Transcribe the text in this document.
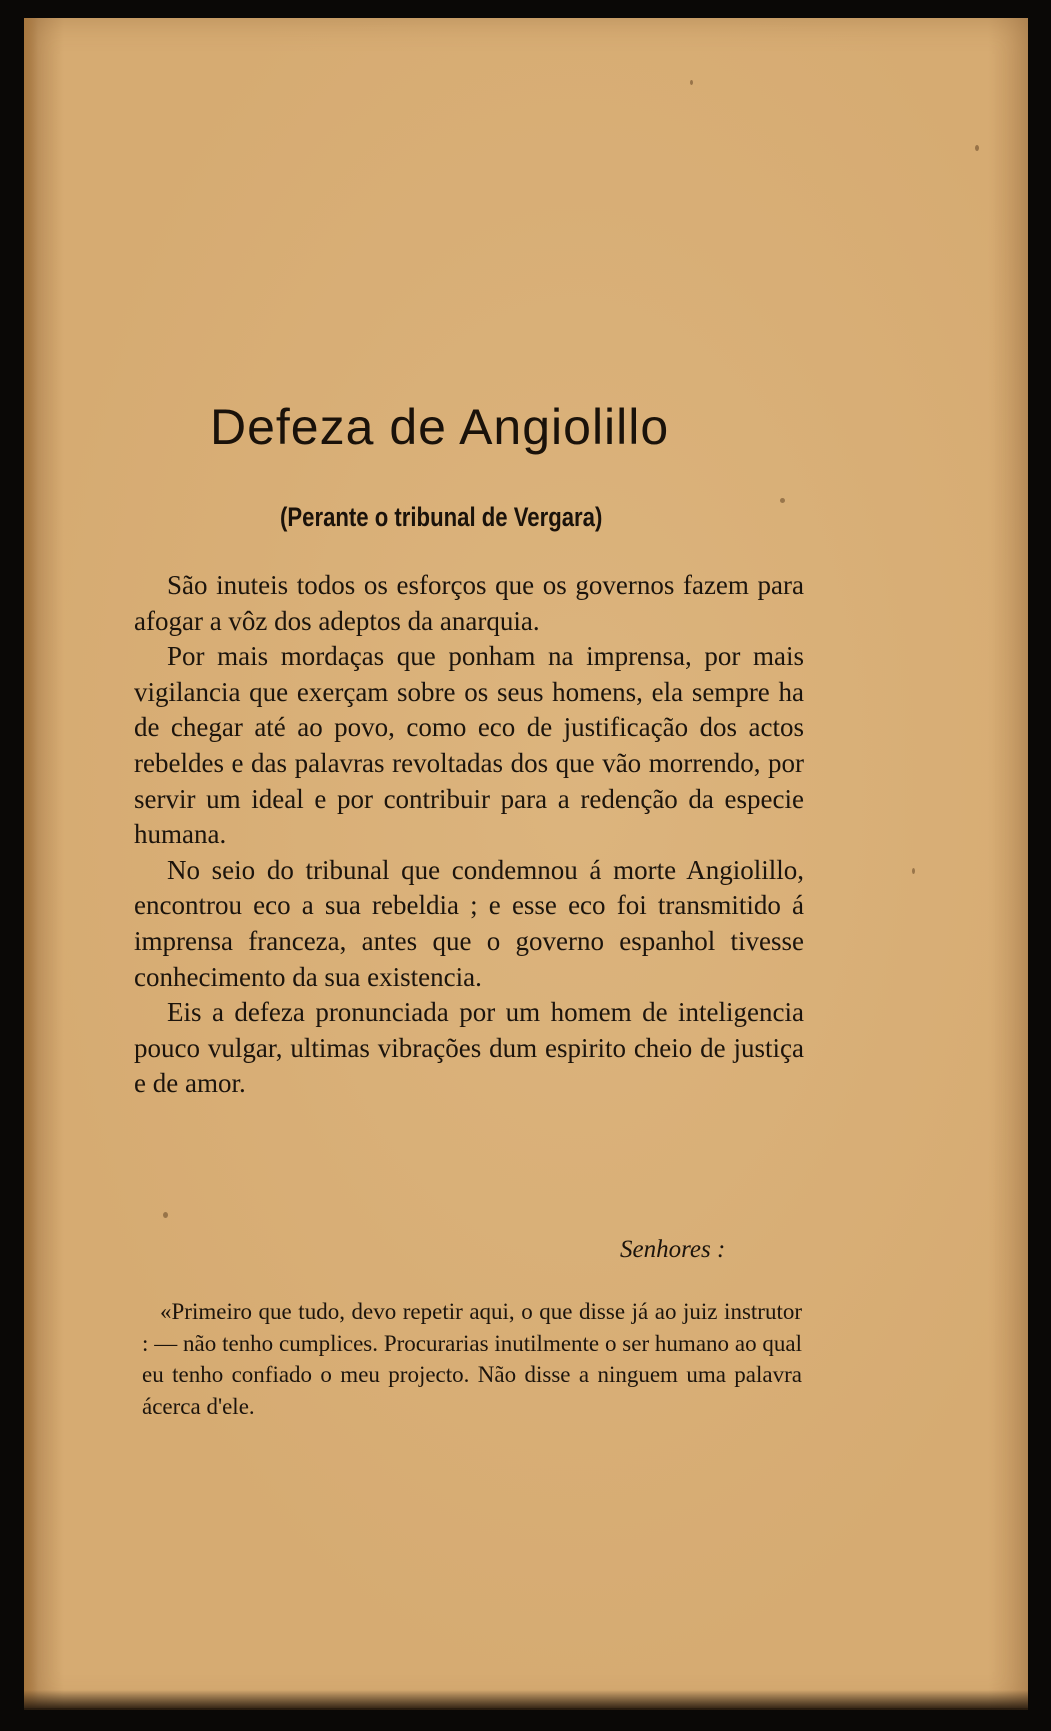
Defeza de Angiolillo
(Perante o tribunal de Vergara)
São inuteis todos os esforços que os governos fazem para afogar a vôz dos adeptos da anarquia.
Por mais mordaças que ponham na imprensa, por mais vigilancia que exerçam sobre os seus homens, ela sempre ha de chegar até ao povo, como eco de justificação dos actos rebeldes e das palavras revoltadas dos que vão morrendo, por servir um ideal e por contribuir para a redenção da especie humana.
No seio do tribunal que condemnou á morte Angiolillo, encontrou eco a sua rebeldia ; e esse eco foi transmitido á imprensa franceza, antes que o governo espanhol tivesse conhecimento da sua existencia.
Eis a defeza pronunciada por um homem de inteligencia pouco vulgar, ultimas vibrações dum espirito cheio de justiça e de amor.

Senhores :

«Primeiro que tudo, devo repetir aqui, o que disse já ao juiz instrutor : — não tenho cumplices. Procurarias inutilmente o ser humano ao qual eu tenho confiado o meu projecto. Não disse a ninguem uma palavra ácerca d'ele.
